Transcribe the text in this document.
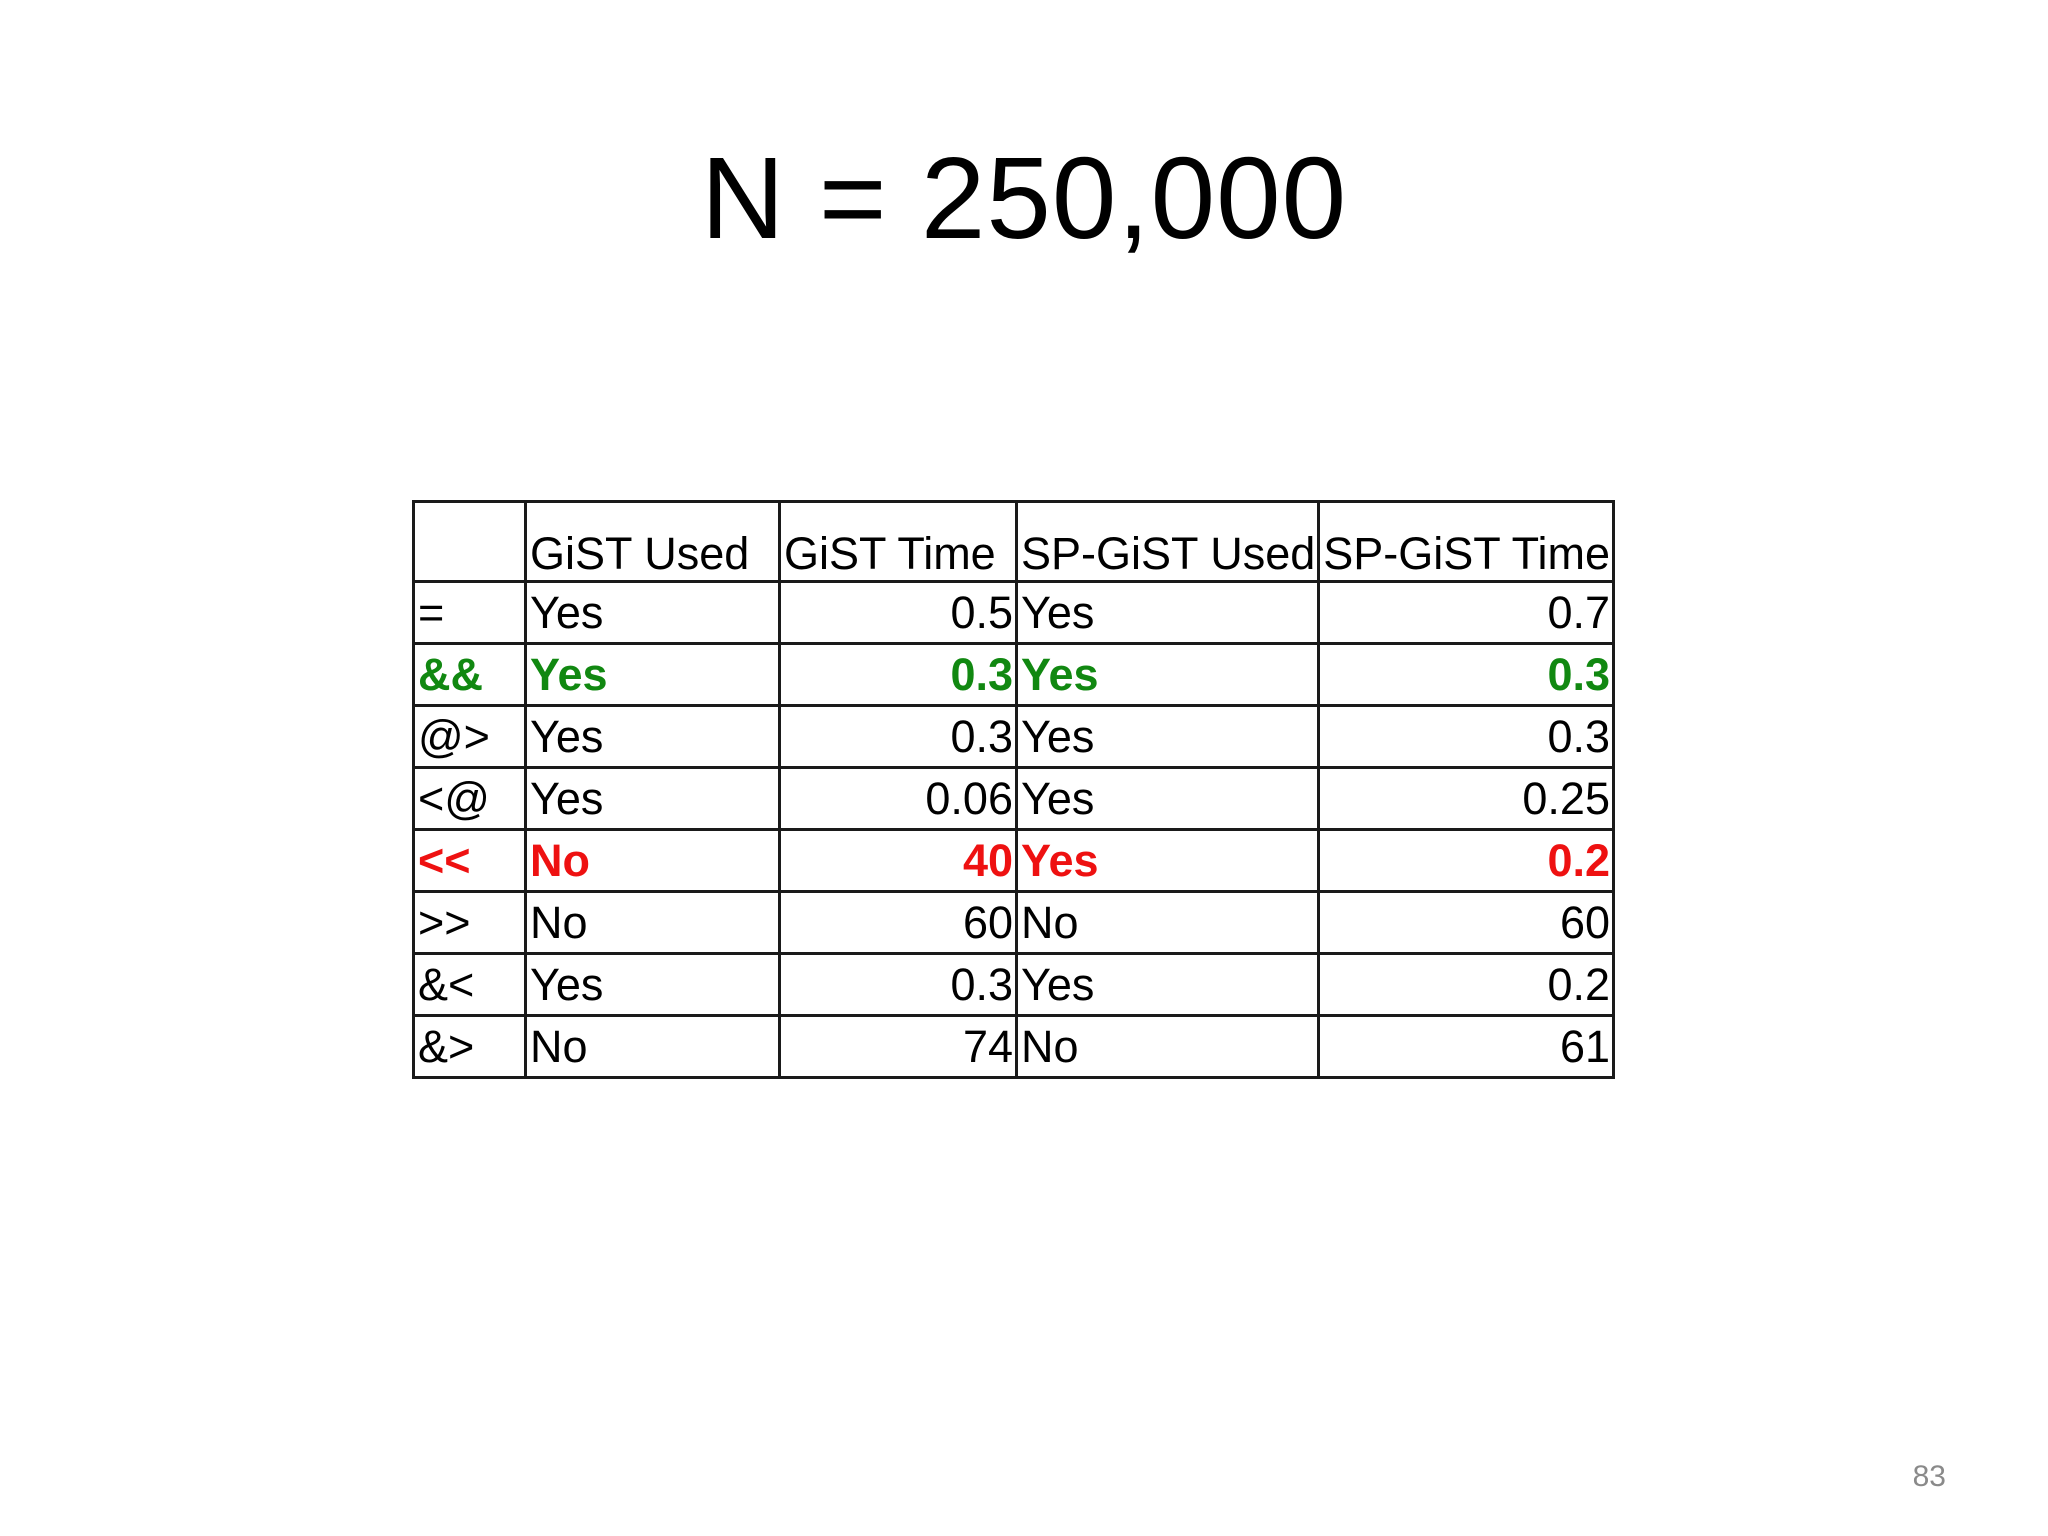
N = 250,000
	GiST Used	GiST Time	SP-GiST Used	SP-GiST Time
=	Yes	0.5	Yes	0.7
&&	Yes	0.3	Yes	0.3
@>	Yes	0.3	Yes	0.3
<@	Yes	0.06	Yes	0.25
<<	No	40	Yes	0.2
>>	No	60	No	60
&<	Yes	0.3	Yes	0.2
&>	No	74	No	61
83
